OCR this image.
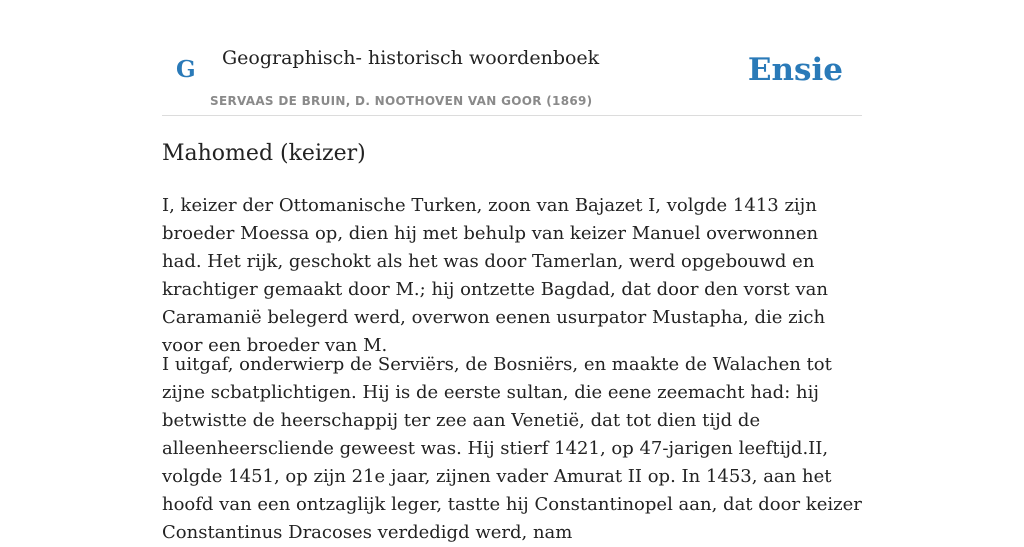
G Geographisch- historisch woordenboek
SERVAAS DE BRUIN, D. NOOTHOVEN VAN GOOR (1869)
Ensie
Mahomed (keizer)

I, keizer der Ottomanische Turken, zoon van Bajazet I, volgde 1413 zijn broeder Moessa op, dien hij met behulp van keizer Manuel overwonnen had. Het rijk, geschokt als het was door Tamerlan, werd opgebouwd en krachtiger gemaakt door M.; hij ontzette Bagdad, dat door den vorst van Caramanië belegerd werd, overwon eenen usurpator Mustapha, die zich voor een broeder van M.

I uitgaf, onderwierp de Serviërs, de Bosniërs, en maakte de Walachen tot zijne scbatplichtigen. Hij is de eerste sultan, die eene zeemacht had: hij betwistte de heerschappij ter zee aan Venetië, dat tot dien tijd de alleenheerscliende geweest was. Hij stierf 1421, op 47-jarigen leeftijd.II, volgde 1451, op zijn 21e jaar, zijnen vader Amurat II op. In 1453, aan het hoofd van een ontzaglijk leger, tastte hij Constantinopel aan, dat door keizer Constantinus Dracoses verdedigd werd, nam
